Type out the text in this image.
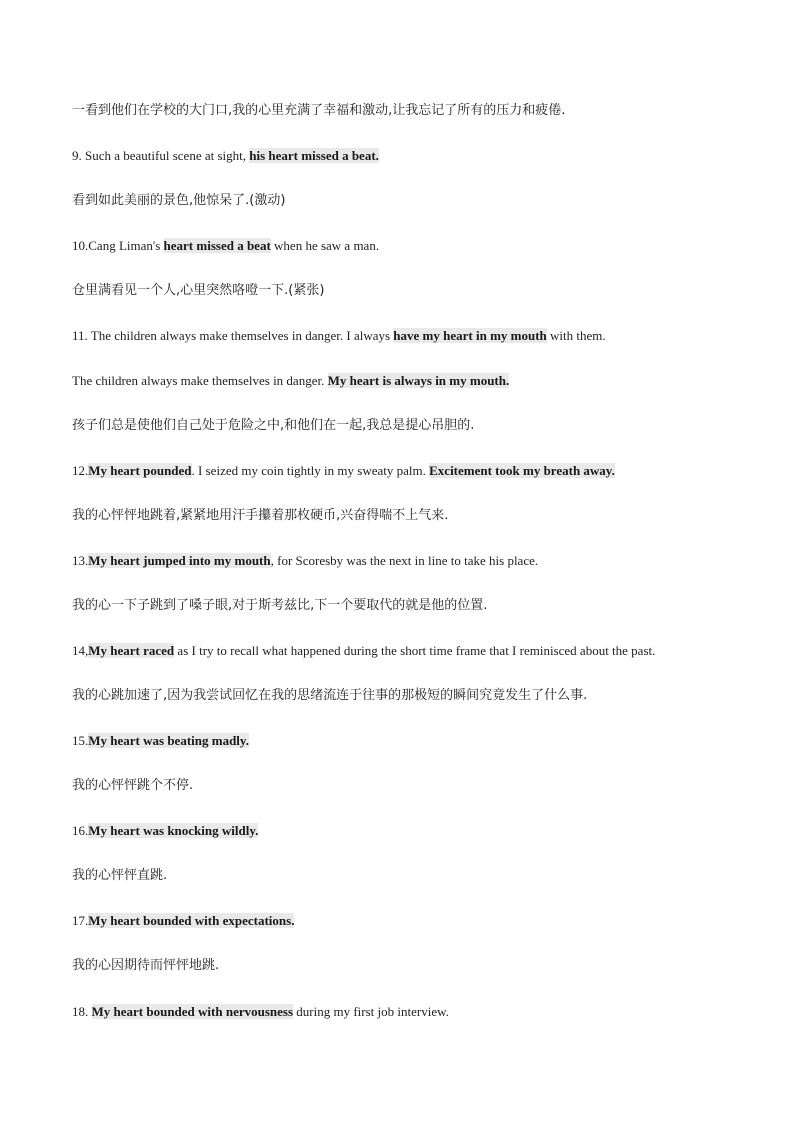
一看到他们在学校的大门口,我的心里充满了幸福和激动,让我忘记了所有的压力和疲倦.
9. Such a beautiful scene at sight, his heart missed a beat.
看到如此美丽的景色,他惊呆了.(激动)
10.Cang Liman's heart missed a beat when he saw a man.
仓里满看见一个人,心里突然咯噔一下.(紧张)
11. The children always make themselves in danger. I always have my heart in my mouth with them.
The children always make themselves in danger. My heart is always in my mouth.
孩子们总是使他们自己处于危险之中,和他们在一起,我总是提心吊胆的.
12.My heart pounded. I seized my coin tightly in my sweaty palm. Excitement took my breath away.
我的心怦怦地跳着,紧紧地用汗手攥着那枚硬币,兴奋得喘不上气来.
13.My heart jumped into my mouth, for Scoresby was the next in line to take his place.
我的心一下子跳到了嗓子眼,对于斯考兹比,下一个要取代的就是他的位置.
14,My heart raced as I try to recall what happened during the short time frame that I reminisced about the past.
我的心跳加速了,因为我尝试回忆在我的思绪流连于往事的那极短的瞬间究竟发生了什么事.
15.My heart was beating madly.
我的心怦怦跳个不停.
16.My heart was knocking wildly.
我的心怦怦直跳.
17.My heart bounded with expectations.
我的心因期待而怦怦地跳.
18. My heart bounded with nervousness during my first job interview.
